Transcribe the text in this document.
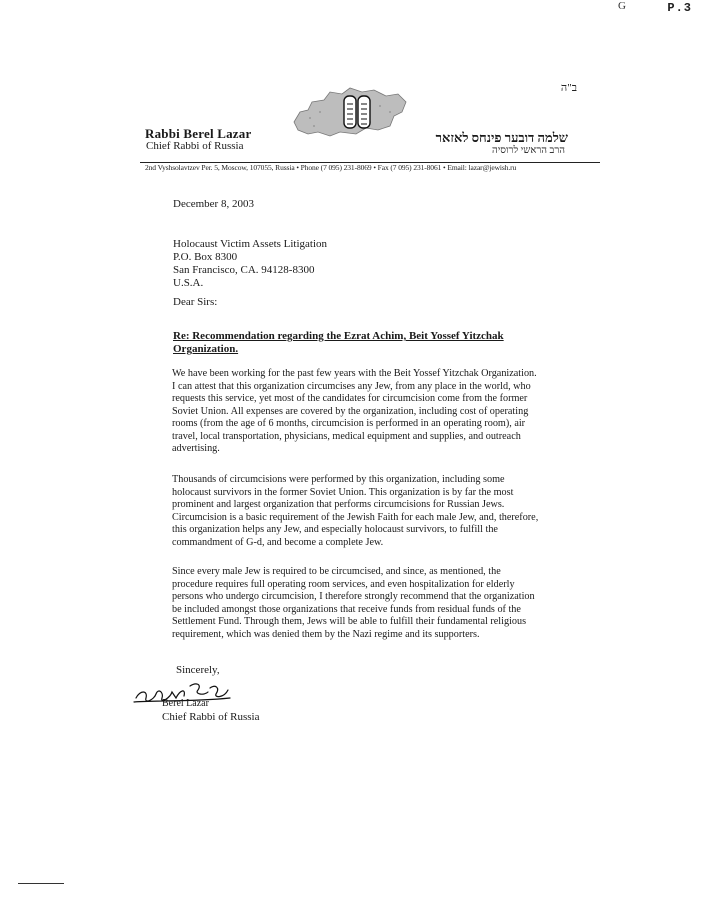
G	P.3
ב"ה
Rabbi Berel Lazar
Chief Rabbi of Russia
שלמה דובער פינחס לאזאר
הרב הראשי לרוסיה
2nd Vyshsolavtzev Per. 5, Moscow, 107055, Russia • Phone (7 095) 231-8069 • Fax (7 095) 231-8061 • Email: lazar@jewish.ru
December 8, 2003
Holocaust Victim Assets Litigation
P.O. Box 8300
San Francisco, CA. 94128-8300
U.S.A.
Dear Sirs:
Re: Recommendation regarding the Ezrat Achim, Beit Yossef Yitzchak Organization.
We have been working for the past few years with the Beit Yossef Yitzchak Organization. I can attest that this organization circumcises any Jew, from any place in the world, who requests this service, yet most of the candidates for circumcision come from the former Soviet Union. All expenses are covered by the organization, including cost of operating rooms (from the age of 6 months, circumcision is performed in an operating room), air travel, local transportation, physicians, medical equipment and supplies, and outreach advertising.
Thousands of circumcisions were performed by this organization, including some holocaust survivors in the former Soviet Union. This organization is by far the most prominent and largest organization that performs circumcisions for Russian Jews. Circumcision is a basic requirement of the Jewish Faith for each male Jew, and, therefore, this organization helps any Jew, and especially holocaust survivors, to fulfill the commandment of G-d, and become a complete Jew.
Since every male Jew is required to be circumcised, and since, as mentioned, the procedure requires full operating room services, and even hospitalization for elderly persons who undergo circumcision, I therefore strongly recommend that the organization be included amongst those organizations that receive funds from residual funds of the Settlement Fund. Through them, Jews will be able to fulfill their fundamental religious requirement, which was denied them by the Nazi regime and its supporters.
Sincerely,
Berel Lazar
Chief Rabbi of Russia
